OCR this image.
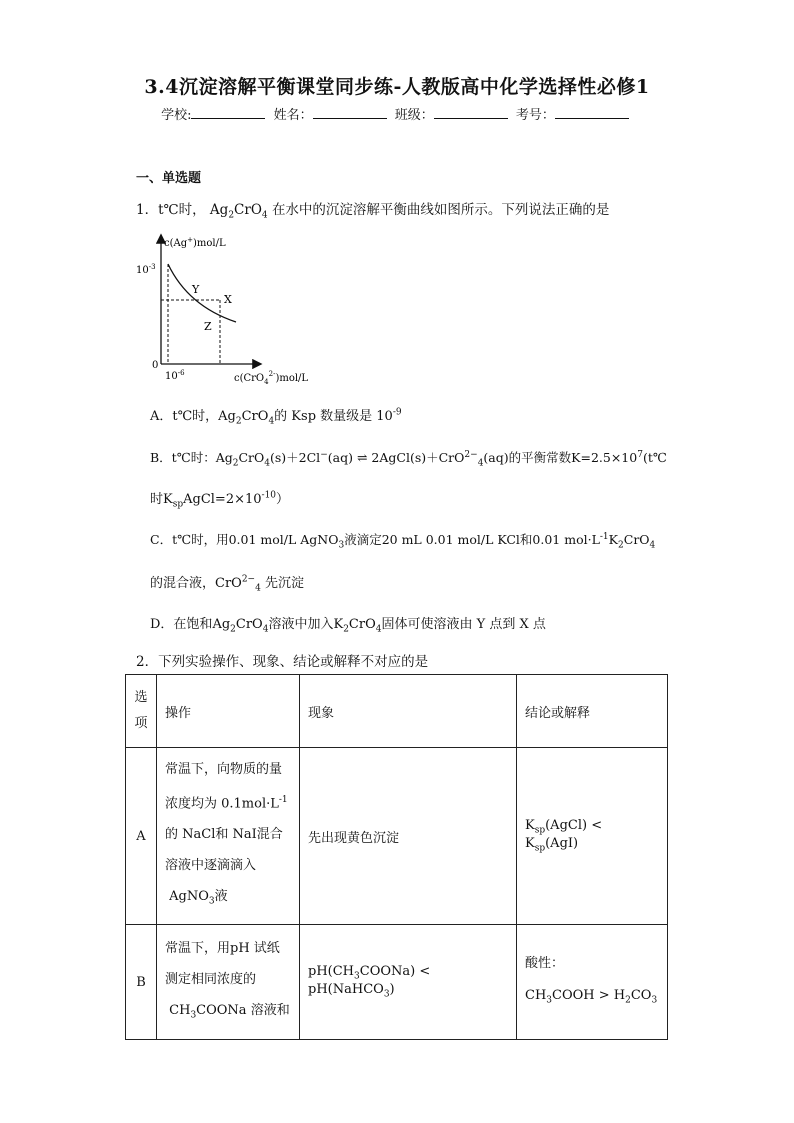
3.4沉淀溶解平衡课堂同步练-人教版高中化学选择性必修1
学校:	姓名：	班级：	考号：
一、单选题
1．t℃时， $Ag_2CrO_4$ 在水中的沉淀溶解平衡曲线如图所示。下列说法正确的是
c(Ag+)mol/L
$10^{-3}$
0
$10^{-6}$	c(CrO$_4^{2-}$)mol/L
Y
X
Z
A．t℃时，$Ag_2CrO_4$的 Ksp 数量级是 $10^{-9}$
B．t℃时：$Ag_2CrO_4(s)+2Cl^-(aq)$ ⇌ 2AgCl(s)＋CrO$^{2-}_4$(aq)的平衡常数$K=2.5\times 10^7(t℃$
时$K_{sp}AgCl=2\times 10^{-10}$）
C．t℃时，用0.01 mol/L AgNO$_3$液滴定20 mL 0.01 mol/L KCl和0.01 $mol\cdot L^{-1}K_2CrO_4$
的混合液，CrO$^{2-}_4$ 先沉淀
D．在饱和$Ag_2CrO_4$溶液中加入$K_2CrO_4$固体可使溶液由 Y 点到 X 点
2．下列实验操作、现象、结论或解释不对应的是
选
项	操作	现象	结论或解释
A	常温下，向物质的量
浓度均为 $0.1mol\cdot L^{-1}$
的 NaCl和 NaI混合
溶液中逐滴滴入
AgNO$_3$液	先出现黄色沉淀	$K_{sp}(AgCl) < K_{sp}(AgI)$
B	常温下，用pH 试纸
测定相同浓度的
$CH_3COONa$ 溶液和	$pH(CH_3COONa)$ < pH(NaHCO$_3$)	酸性：
$CH_3COOH > H_2CO_3$
